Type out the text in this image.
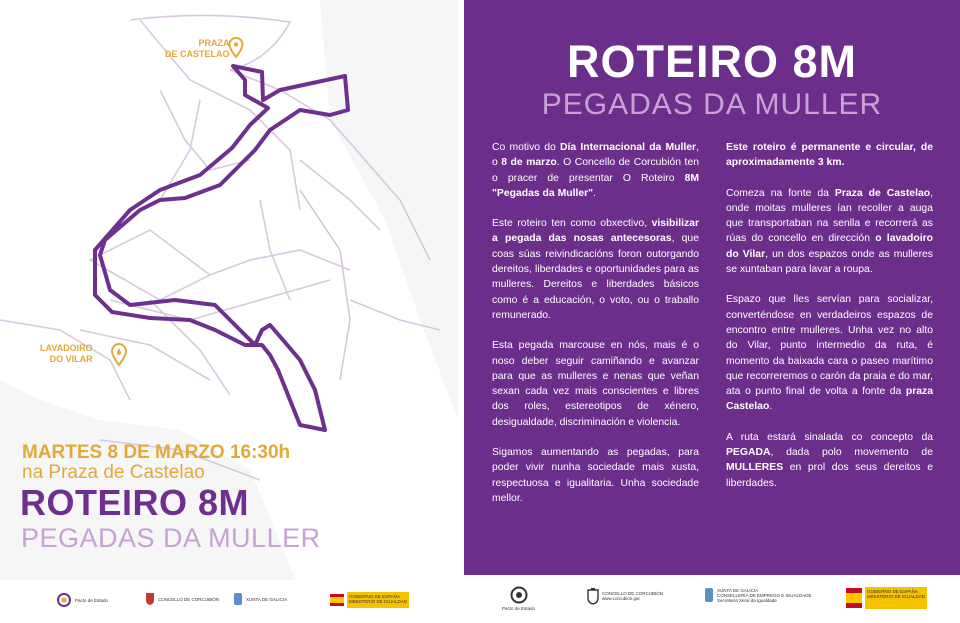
PRAZA
DE CASTELAO
LAVADOIRO
DO VILAR
MARTES 8 DE MARZO 16:30h
na Praza de Castelao
ROTEIRO 8M
PEGADAS DA MULLER
Pacto de Estado	CONCELLO DE CORCUBIÓN	XUNTA DE GALICIA	GOBIERNO DE ESPAÑA
MINISTERIO DE IGUALDAD
ROTEIRO 8M
PEGADAS DA MULLER

Co motivo do Día Internacional da Muller, o 8 de marzo. O Concello de Corcubión ten o pracer de presentar O Roteiro 8M "Pegadas da Muller".

Este roteiro ten como obxectivo, visibilizar a pegada das nosas antecesoras, que coas súas reivindicacións foron outorgando dereitos, liberdades e oportunidades para as mulleres. Dereitos e liberdades básicos como é a educación, o voto, ou o traballo remunerado.

Esta pegada marcouse en nós, mais é o noso deber seguir camiñando e avanzar para que as mulleres e nenas que veñan sexan cada vez mais conscientes e libres dos roles, estereotipos de xénero, desigualdade, discriminación e violencia.

Sigamos aumentando as pegadas, para poder vivir nunha sociedade mais xusta, respectuosa e igualitaria. Unha sociedade mellor.

Este roteiro é permanente e circular, de aproximadamente 3 km.

Comeza na fonte da Praza de Castelao, onde moitas mulleres ían recoller a auga que transportaban na senlla e recorrerá as rúas do concello en dirección o lavadoiro do Vilar, un dos espazos onde as mulleres se xuntaban para lavar a roupa.

Espazo que lles servían para socializar, converténdose en verdadeiros espazos de encontro entre mulleres. Unha vez no alto do Vilar, punto intermedio da ruta, é momento da baixada cara o paseo marítimo que recorreremos o carón da praia e do mar, ata o punto final de volta a fonte da praza Castelao.

A ruta estará sinalada co concepto da PEGADA, dada polo movemento de MULLERES en prol dos seus dereitos e liberdades.

Pacto de Estado
CONCELLO DE CORCUBIÓN
www.corcubion.gal
XUNTA DE GALICIA
CONSELLERÍA DE EMPREGO E IGUALDADE
Secretaría Xeral da Igualdade
GOBIERNO DE ESPAÑA
MINISTERIO DE IGUALDAD
